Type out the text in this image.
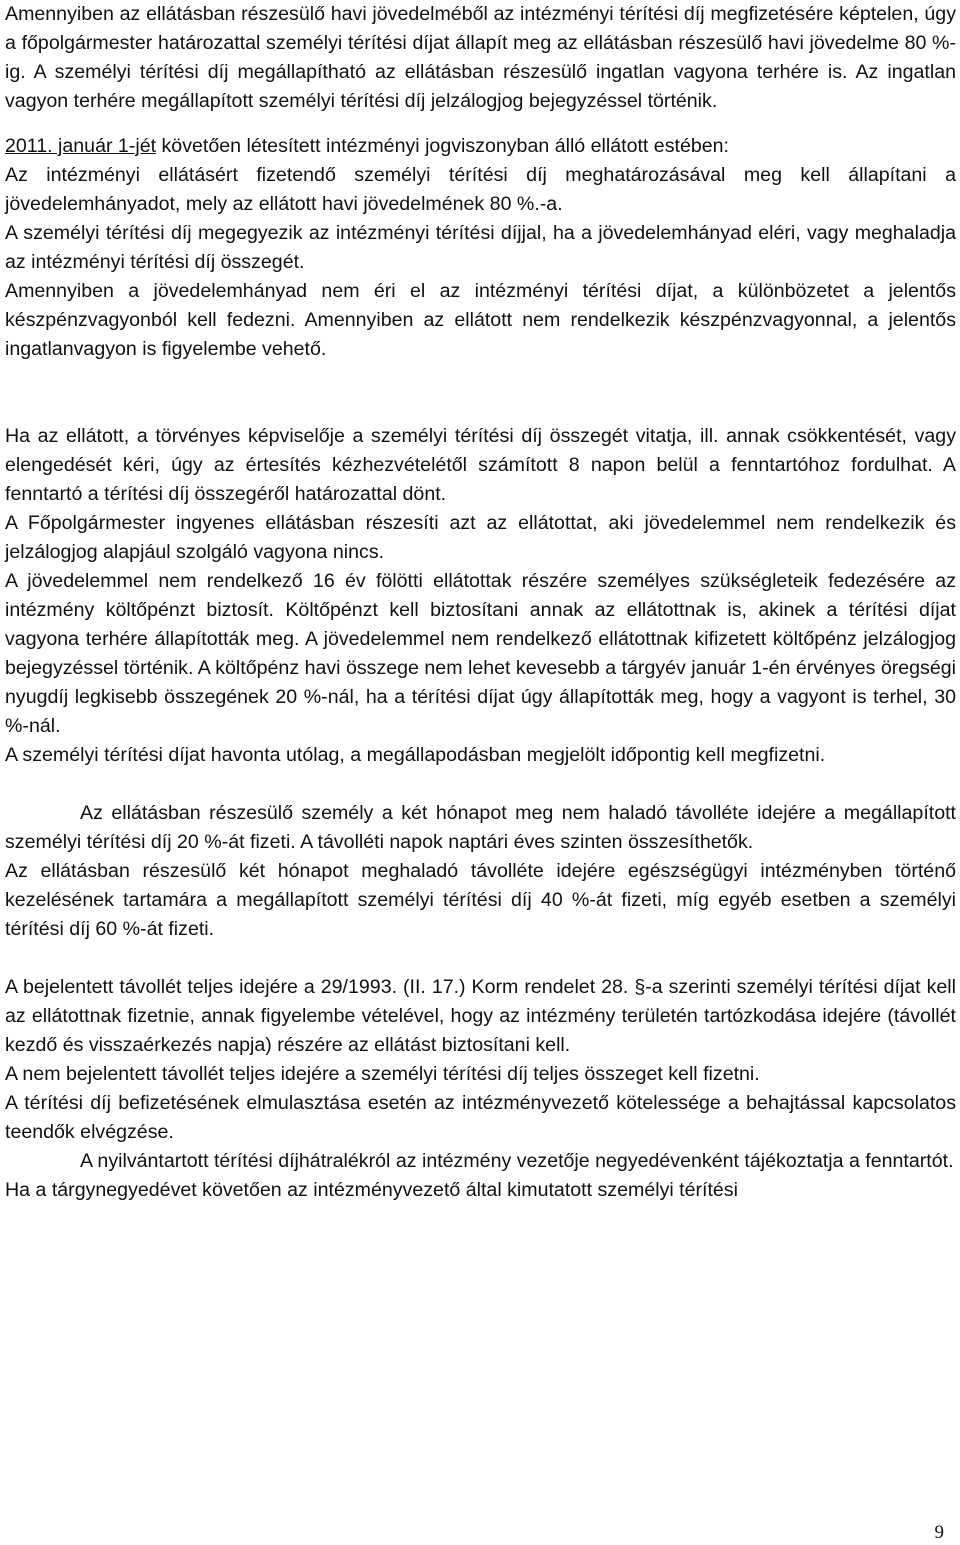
Amennyiben az ellátásban részesülő havi jövedelméből az intézményi térítési díj megfizetésére képtelen, úgy a főpolgármester határozattal személyi térítési díjat állapít meg az ellátásban részesülő havi jövedelme 80 %-ig. A személyi térítési díj megállapítható az ellátásban részesülő ingatlan vagyona terhére is. Az ingatlan vagyon terhére megállapított személyi térítési díj jelzálogjog bejegyzéssel történik.

2011. január 1-jét követően létesített intézményi jogviszonyban álló ellátott estében:

Az intézményi ellátásért fizetendő személyi térítési díj meghatározásával meg kell állapítani a jövedelemhányadot, mely az ellátott havi jövedelmének 80 %.-a.

A személyi térítési díj megegyezik az intézményi térítési díjjal, ha a jövedelemhányad eléri, vagy meghaladja az intézményi térítési díj összegét.

Amennyiben a jövedelemhányad nem éri el az intézményi térítési díjat, a különbözetet a jelentős készpénzvagyonból kell fedezni. Amennyiben az ellátott nem rendelkezik készpénzvagyonnal, a jelentős ingatlanvagyon is figyelembe vehető.

Ha az ellátott, a törvényes képviselője a személyi térítési díj összegét vitatja, ill. annak csökkentését, vagy elengedését kéri, úgy az értesítés kézhezvételétől számított 8 napon belül a fenntartóhoz fordulhat. A fenntartó a térítési díj összegéről határozattal dönt.

A Főpolgármester ingyenes ellátásban részesíti azt az ellátottat, aki jövedelemmel nem rendelkezik és jelzálogjog alapjául szolgáló vagyona nincs.

A jövedelemmel nem rendelkező 16 év fölötti ellátottak részére személyes szükségleteik fedezésére az intézmény költőpénzt biztosít. Költőpénzt kell biztosítani annak az ellátottnak is, akinek a térítési díjat vagyona terhére állapították meg. A jövedelemmel nem rendelkező ellátottnak kifizetett költőpénz jelzálogjog bejegyzéssel történik. A költőpénz havi összege nem lehet kevesebb a tárgyév január 1-én érvényes öregségi nyugdíj legkisebb összegének 20 %-nál, ha a térítési díjat úgy állapították meg, hogy a vagyont is terhel, 30 %-nál.

A személyi térítési díjat havonta utólag, a megállapodásban megjelölt időpontig kell megfizetni.

Az ellátásban részesülő személy a két hónapot meg nem haladó távolléte idejére a megállapított személyi térítési díj 20 %-át fizeti. A távolléti napok naptári éves szinten összesíthetők.

Az ellátásban részesülő két hónapot meghaladó távolléte idejére egészségügyi intézményben történő kezelésének tartamára a megállapított személyi térítési díj 40 %-át fizeti, míg egyéb esetben a személyi térítési díj 60 %-át fizeti.

A bejelentett távollét teljes idejére a 29/1993. (II. 17.) Korm rendelet 28. §-a szerinti személyi térítési díjat kell az ellátottnak fizetnie, annak figyelembe vételével, hogy az intézmény területén tartózkodása idejére (távollét kezdő és visszaérkezés napja) részére az ellátást biztosítani kell.

A nem bejelentett távollét teljes idejére a személyi térítési díj teljes összeget kell fizetni.

A térítési díj befizetésének elmulasztása esetén az intézményvezető kötelessége a behajtással kapcsolatos teendők elvégzése.

A nyilvántartott térítési díjhátralékról az intézmény vezetője negyedévenként tájékoztatja a fenntartót.

Ha a tárgynegyedévet követően az intézményvezető által kimutatott személyi térítési

9
